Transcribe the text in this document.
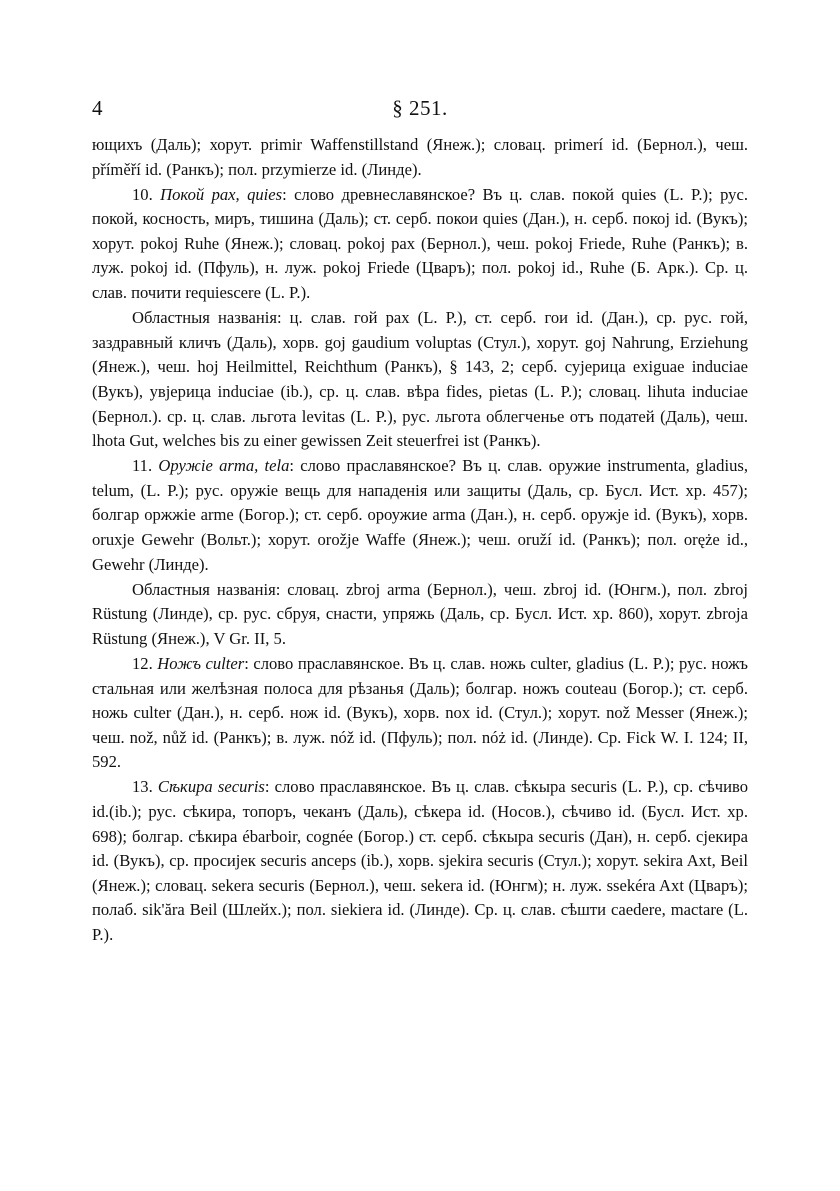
4	§ 251.

ющихъ (Даль); хорут. primir Waffenstillstand (Янеж.); словац. primerí id. (Бернол.), чеш. příměří id. (Ранкъ); пол. przymierze id. (Линде).

10. Покой pax, quies: слово древнеславянское? Въ ц. слав. покой quies (L. P.); рус. покой, косность, миръ, тишина (Даль); ст. серб. покои quies (Дан.), н. серб. покоj id. (Вукъ); хорут. pokoj Ruhe (Янеж.); словац. pokoj pax (Бернол.), чеш. pokoj Friede, Ruhe (Ранкъ); в. луж. pokoj id. (Пфуль), н. луж. pokoj Friede (Цваръ); пол. pokoj id., Ruhe (Б. Арк.). Ср. ц. слав. почити requiescere (L. P.).

Областныя названія: ц. слав. гой pax (L. P.), ст. серб. гои id. (Дан.), ср. рус. гой, заздравный кличъ (Даль), хорв. goj gaudium voluptas (Стул.), хорут. goj Nahrung, Erziehung (Янеж.), чеш. hoj Heilmittel, Reichthum (Ранкъ), § 143, 2; серб. суjерица exiguae induciae (Вукъ), увjерица induciae (ib.), ср. ц. слав. вѣра fides, pietas (L. P.); словац. lihuta induciae (Бернол.). ср. ц. слав. льгота levitas (L. P.), рус. льгота облегченье отъ податей (Даль), чеш. lhota Gut, welches bis zu einer gewissen Zeit steuerfrei ist (Ранкъ).

11. Оружіе arma, tela: слово праславянское? Въ ц. слав. оружие instrumenta, gladius, telum, (L. P.); рус. оружіе вещь для нападенія или защиты (Даль, ср. Бусл. Ист. хр. 457); болгар оржжіе arme (Богор.); ст. серб. ороужие arma (Дан.), н. серб. оружjе id. (Вукъ), хорв. oruxje Gewehr (Вольт.); хорут. orožje Waffe (Янеж.); чеш. oruží id. (Ранкъ); пол. oręże id., Gewehr (Линде).

Областныя названія: словац. zbroj arma (Бернол.), чеш. zbroj id. (Юнгм.), пол. zbroj Rüstung (Линде), ср. рус. сбруя, снасти, упряжь (Даль, ср. Бусл. Ист. хр. 860), хорут. zbroja Rüstung (Янеж.), V Gr. II, 5.

12. Ножъ culter: слово праславянское. Въ ц. слав. ножь culter, gladius (L. P.); рус. ножъ стальная или желѣзная полоса для рѣзанья (Даль); болгар. ножъ couteau (Богор.); ст. серб. ножь culter (Дан.), н. серб. нож id. (Вукъ), хорв. nox id. (Стул.); хорут. nož Messer (Янеж.); чеш. nož, nůž id. (Ранкъ); в. луж. nóž id. (Пфуль); пол. nóż id. (Линде). Ср. Fick W. I. 124; II, 592.

13. Сѣкира securis: слово праславянское. Въ ц. слав. сѣкыра securis (L. P.), ср. сѣчиво id.(ib.); рус. сѣкира, топоръ, чеканъ (Даль), сѣкера id. (Носов.), сѣчиво id. (Бусл. Ист. хр. 698); болгар. сѣкира ébarboir, cognée (Богор.) ст. серб. сѣкыра securis (Дан), н. серб. сjекира id. (Вукъ), ср. просиjек securis anceps (ib.), хорв. sjekira securis (Стул.); хорут. sekira Axt, Beil (Янеж.); словац. sekera securis (Бернол.), чеш. sekera id. (Юнгм); н. луж. ssekéra Axt (Цваръ); полаб. sik'ăra Beil (Шлейх.); пол. siekiera id. (Линде). Ср. ц. слав. сѣшти caedere, mactare (L. P.).
